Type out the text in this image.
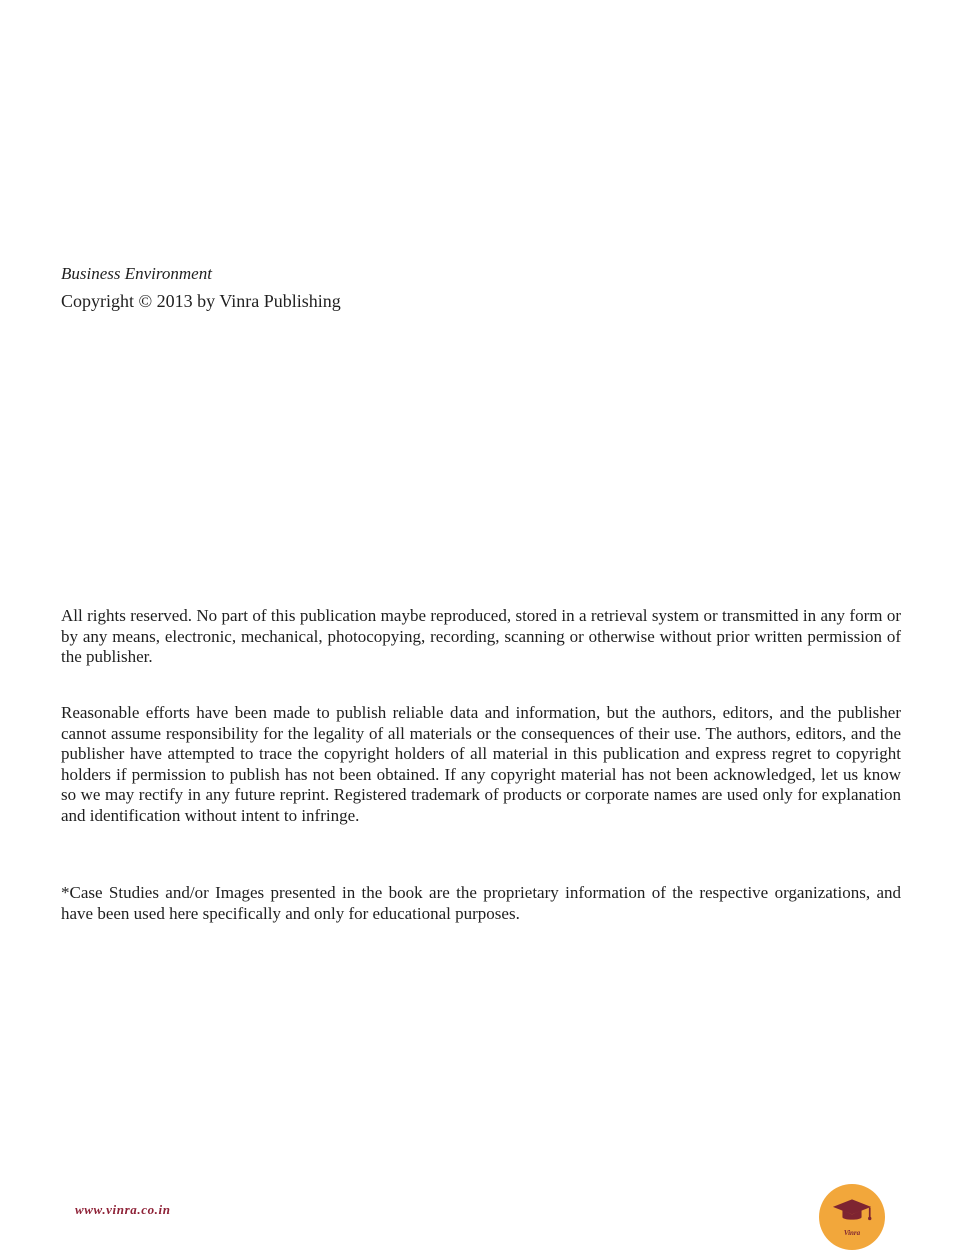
Business Environment
Copyright © 2013 by Vinra Publishing

All rights reserved. No part of this publication maybe reproduced, stored in a retrieval system or transmitted in any form or by any means, electronic, mechanical, photocopying, recording, scanning or otherwise without prior written permission of the publisher.

Reasonable efforts have been made to publish reliable data and information, but the authors, editors, and the publisher cannot assume responsibility for the legality of all materials or the consequences of their use. The authors, editors, and the publisher have attempted to trace the copyright holders of all material in this publication and express regret to copyright holders if permission to publish has not been obtained. If any copyright material has not been acknowledged, let us know so we may rectify in any future reprint. Registered trademark of products or corporate names are used only for explanation and identification without intent to infringe.

*Case Studies and/or Images presented in the book are the proprietary information of the respective organizations, and have been used here specifically and only for educational purposes.

www.vinra.co.in
Vinra
